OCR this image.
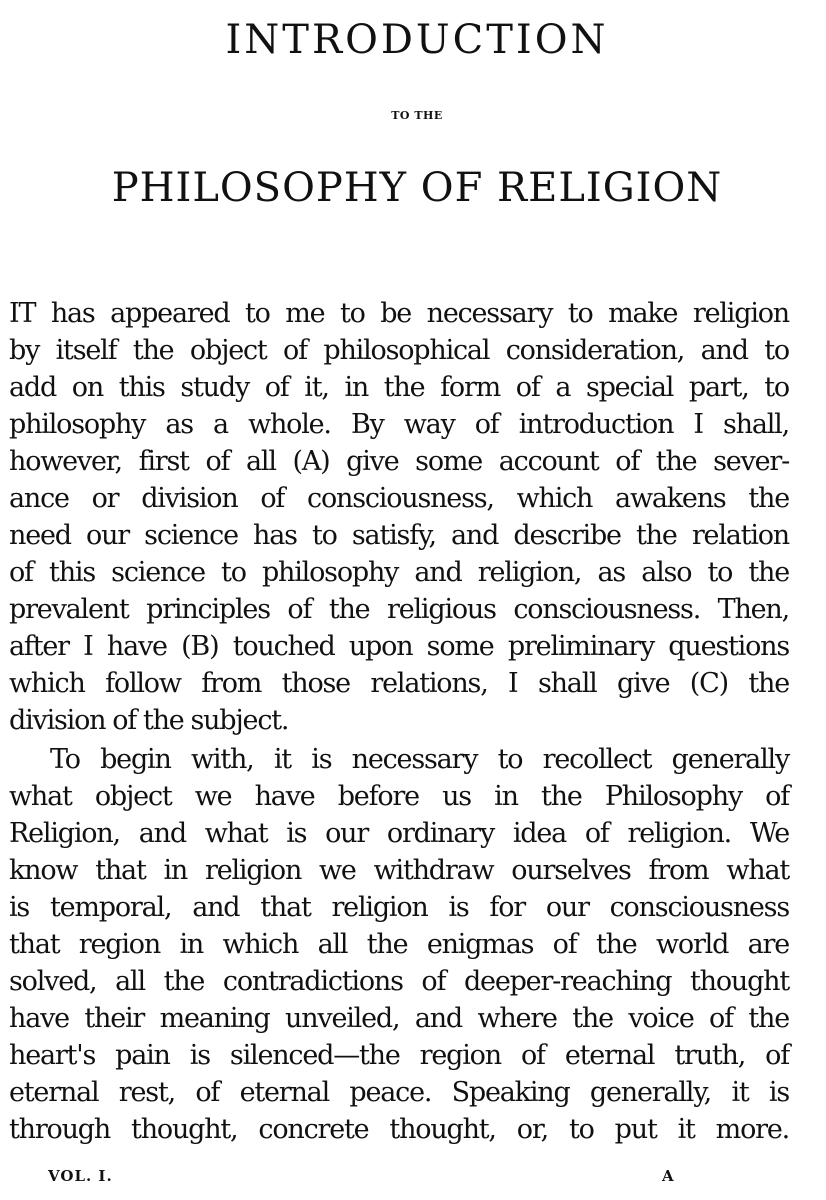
INTRODUCTION
TO THE
PHILOSOPHY OF RELIGION
IT has appeared to me to be necessary to make religion
by itself the object of philosophical consideration, and to
add on this study of it, in the form of a special part, to
philosophy as a whole. By way of introduction I shall,
however, first of all (A) give some account of the sever-
ance or division of consciousness, which awakens the
need our science has to satisfy, and describe the relation
of this science to philosophy and religion, as also to the
prevalent principles of the religious consciousness. Then,
after I have (B) touched upon some preliminary questions
which follow from those relations, I shall give (C) the
division of the subject.
To begin with, it is necessary to recollect generally
what object we have before us in the Philosophy of
Religion, and what is our ordinary idea of religion. We
know that in religion we withdraw ourselves from what
is temporal, and that religion is for our consciousness
that region in which all the enigmas of the world are
solved, all the contradictions of deeper-reaching thought
have their meaning unveiled, and where the voice of the
heart's pain is silenced—the region of eternal truth, of
eternal rest, of eternal peace. Speaking generally, it is
through thought, concrete thought, or, to put it more.
VOL. I.	A
